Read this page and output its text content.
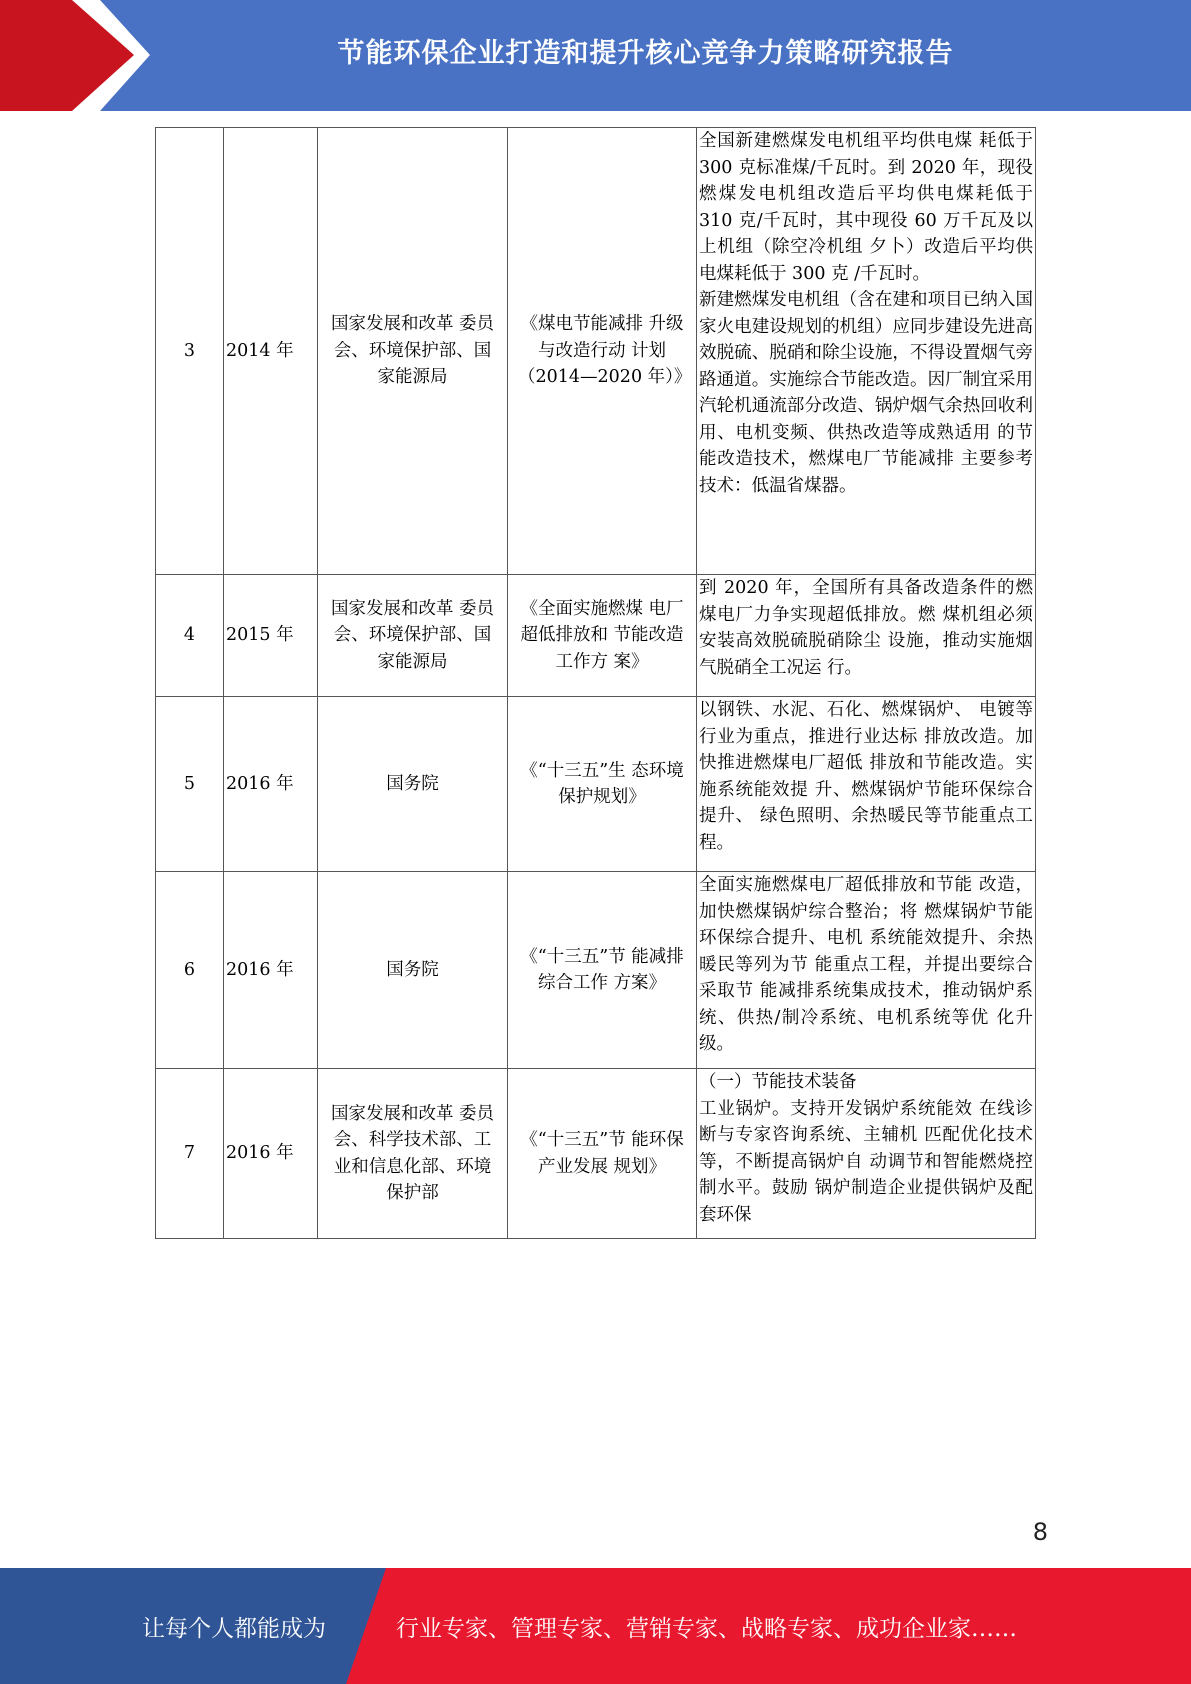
节能环保企业打造和提升核心竞争力策略研究报告
3	2014 年	国家发展和改革 委员会、环境保护部、国家能源局	《煤电节能减排 升级与改造行动 计划（2014—2020 年）》	全国新建燃煤发电机组平均供电煤 耗低于 300 克标准煤/千瓦时。到 2020 年，现役燃煤发电机组改造后平均供电煤耗低于 310 克/千瓦时，其中现役 60 万千瓦及以上机组（除空冷机组 夕卜）改造后平均供电煤耗低于 300 克 /千瓦时。
新建燃煤发电机组（含在建和项目已纳入国家火电建设规划的机组）应同步建设先进高效脱硫、脱硝和除尘设施，不得设置烟气旁路通道。实施综合节能改造。因厂制宜采用汽轮机通流部分改造、锅炉烟气余热回收利 用、电机变频、供热改造等成熟适用 的节能改造技术，燃煤电厂节能减排 主要参考技术：低温省煤器。

4	2015 年	国家发展和改革 委员会、环境保护部、国家能源局	《全面实施燃煤 电厂超低排放和 节能改造工作方 案》	到 2020 年，全国所有具备改造条件的燃煤电厂力争实现超低排放。燃 煤机组必须安装高效脱硫脱硝除尘 设施，推动实施烟气脱硝全工况运 行。

5	2016 年	国务院	《“十三五”生 态环境保护规划》	以钢铁、水泥、石化、燃煤锅炉、 电镀等行业为重点，推进行业达标 排放改造。加快推进燃煤电厂超低 排放和节能改造。实施系统能效提 升、燃煤锅炉节能环保综合提升、 绿色照明、余热暖民等节能重点工 程。

6	2016 年	国务院	《“十三五”节 能减排综合工作 方案》	全面实施燃煤电厂超低排放和节能 改造，加快燃煤锅炉综合整治；将 燃煤锅炉节能环保综合提升、电机 系统能效提升、余热暖民等列为节 能重点工程，并提出要综合采取节 能减排系统集成技术，推动锅炉系 统、供热/制冷系统、电机系统等优 化升级。

7	2016 年	国家发展和改革 委员会、科学技术部、工业和信息化部、环境保护部	《“十三五”节 能环保产业发展 规划》	（一）节能技术装备
工业锅炉。支持开发锅炉系统能效 在线诊断与专家咨询系统、主辅机 匹配优化技术等，不断提高锅炉自 动调节和智能燃烧控制水平。鼓励 锅炉制造企业提供锅炉及配套环保
8
让每个人都能成为	行业专家、管理专家、营销专家、战略专家、成功企业家……
